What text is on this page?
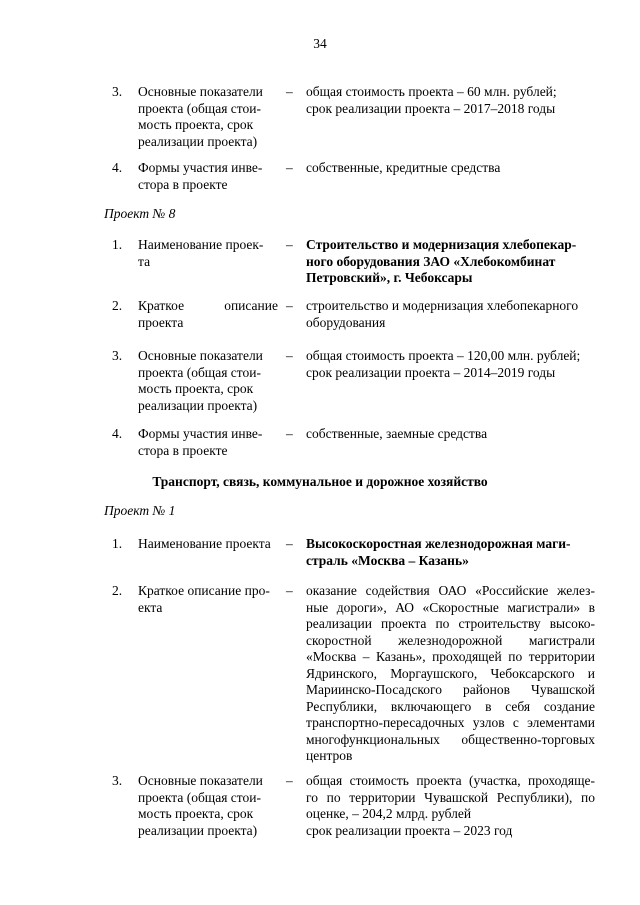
34
3. Основные показатели
проекта (общая стои-
мость проекта, срок
реализации проекта)
– общая стоимость проекта – 60 млн. рублей;
срок реализации проекта – 2017–2018 годы
4. Формы участия инве-
стора в проекте
– собственные, кредитные средства
Проект № 8
1. Наименование проек-
та
– Строительство и модернизация хлебопекар-
ного оборудования ЗАО «Хлебокомбинат
Петровский», г. Чебоксары
2. Краткое описание
проекта
– строительство и модернизация хлебопекарного
оборудования
3. Основные показатели
проекта (общая стои-
мость проекта, срок
реализации проекта)
– общая стоимость проекта – 120,00 млн. рублей;
срок реализации проекта – 2014–2019 годы
4. Формы участия инве-
стора в проекте
– собственные, заемные средства
Транспорт, связь, коммунальное и дорожное хозяйство
Проект № 1
1. Наименование проекта	– Высокоскоростная железнодорожная маги-
страль «Москва – Казань»
2. Краткое описание про-
екта
– оказание содействия ОАО «Российские желез-
ные дороги», АО «Скоростные магистрали» в
реализации проекта по строительству высоко-
скоростной железнодорожной магистрали
«Москва – Казань», проходящей по территории
Ядринского, Моргаушского, Чебоксарского и
Мариинско-Посадского районов Чувашской
Республики, включающего в себя создание
транспортно-пересадочных узлов с элементами
многофункциональных общественно-торговых
центров
3. Основные показатели
проекта (общая стои-
мость проекта, срок
реализации проекта)
– общая стоимость проекта (участка, проходяще-
го по территории Чувашской Республики), по
оценке, – 204,2 млрд. рублей
срок реализации проекта – 2023 год
